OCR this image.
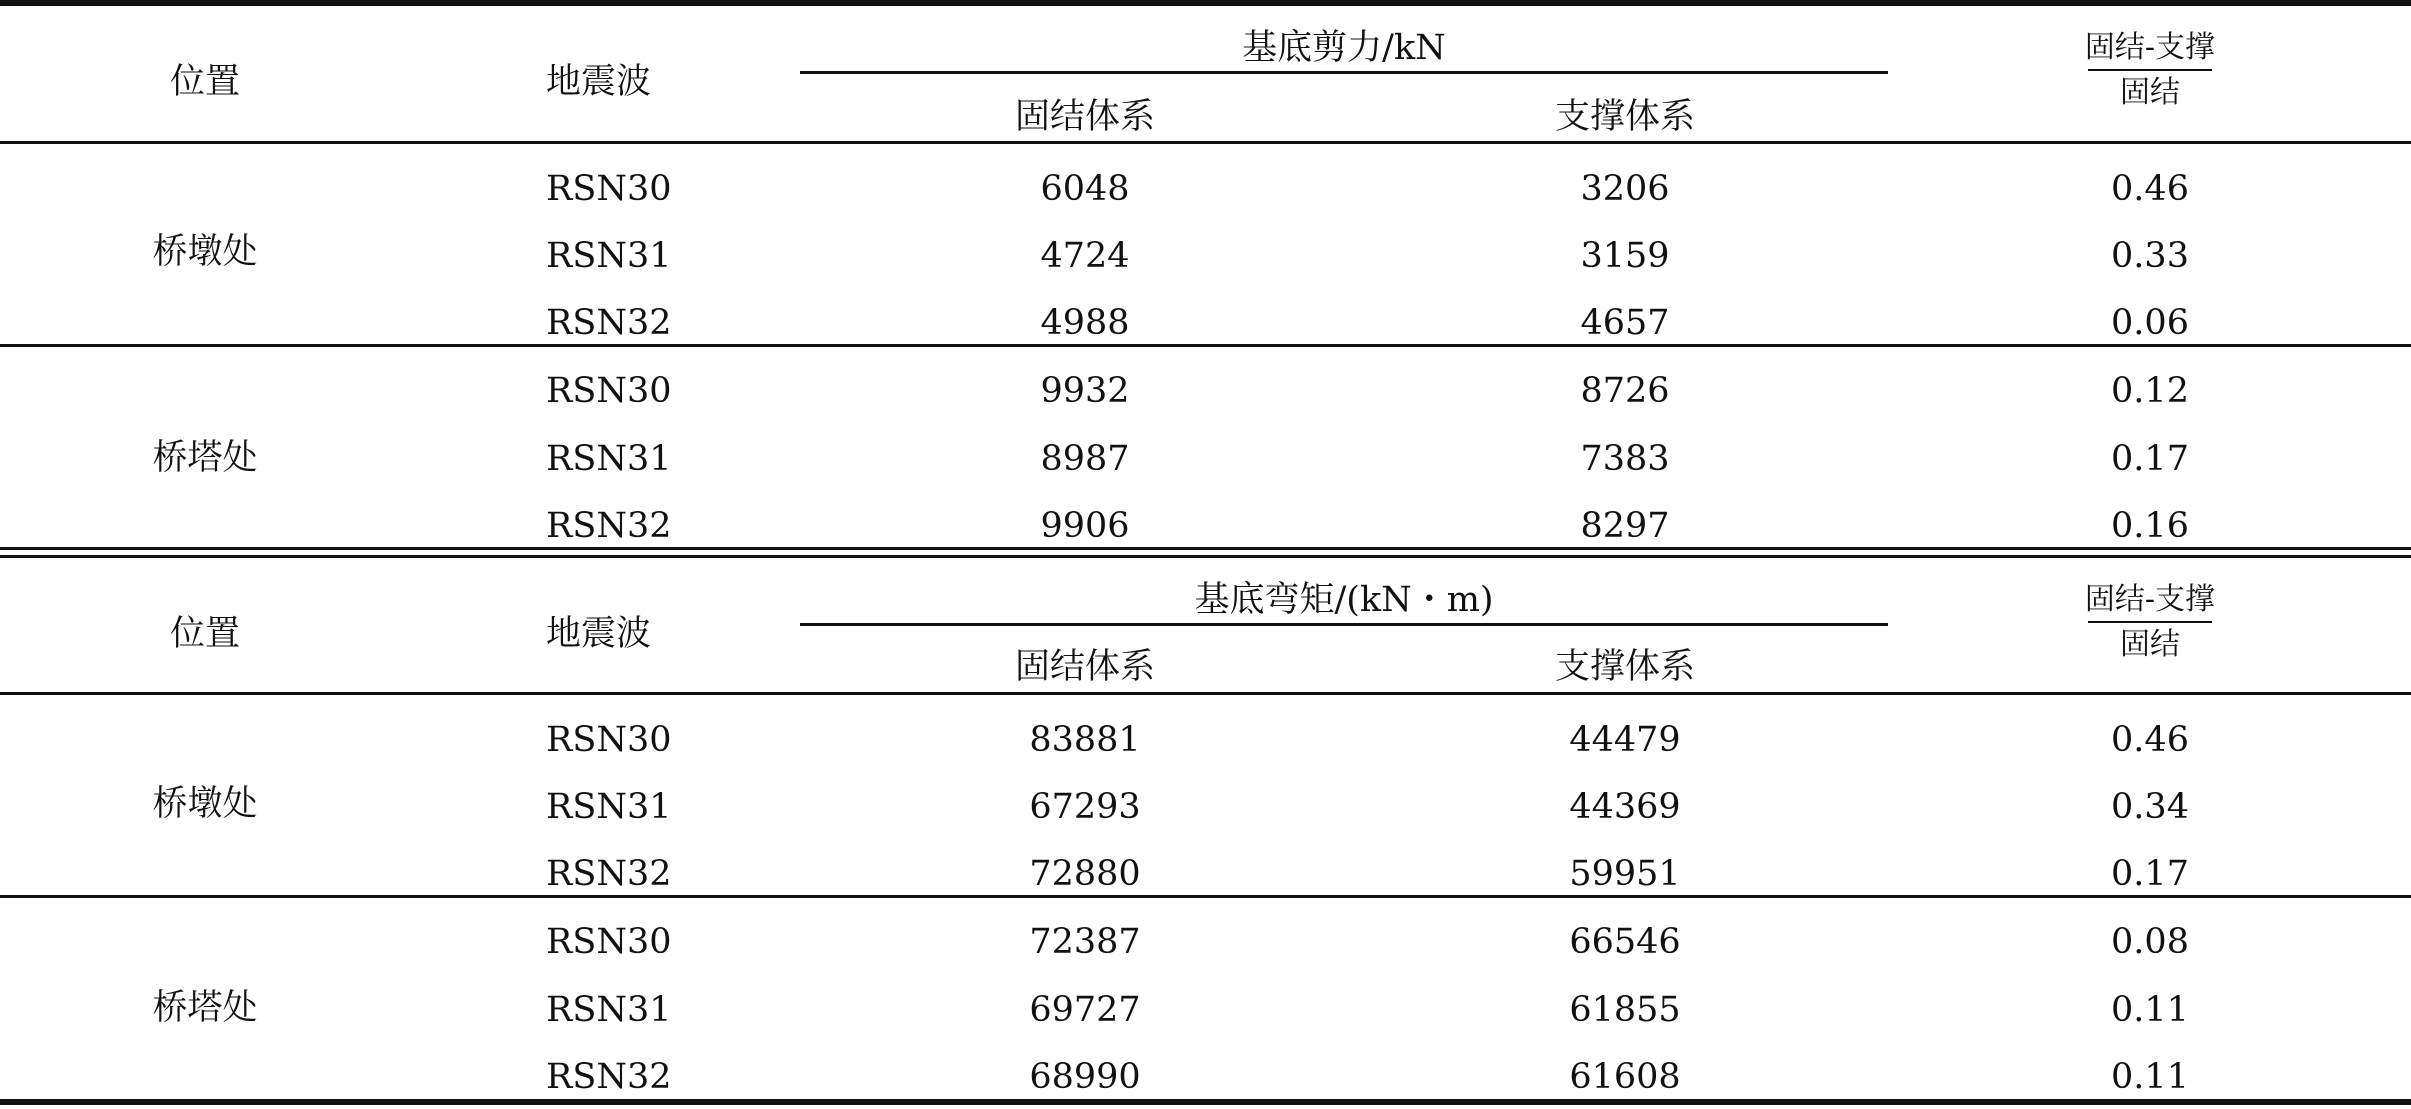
位置	地震波
基底剪力/kN
固结体系	支撑体系
固结-支撑
固结
桥墩处
RSN30	6048	3206	0.46
RSN31	4724	3159	0.33
RSN32	4988	4657	0.06
桥塔处
RSN30	9932	8726	0.12
RSN31	8987	7383	0.17
RSN32	9906	8297	0.16
位置	地震波
基底弯矩/(kN・m)
固结体系	支撑体系
固结-支撑
固结
桥墩处
RSN30	83881	44479	0.46
RSN31	67293	44369	0.34
RSN32	72880	59951	0.17
桥塔处
RSN30	72387	66546	0.08
RSN31	69727	61855	0.11
RSN32	68990	61608	0.11
